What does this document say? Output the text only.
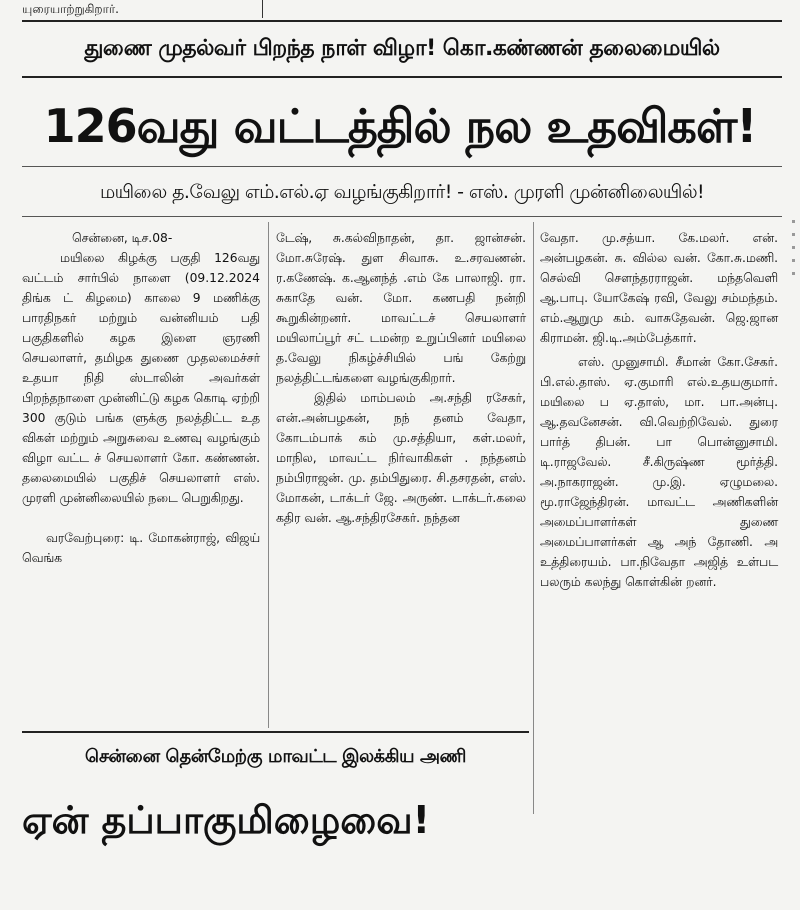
யுரையாற்றுகிறார்.
துணை முதல்வர் பிறந்த நாள் விழா! கொ.கண்ணன் தலைமையில்
126வது வட்டத்தில் நல உதவிகள்!
மயிலை த.வேலு எம்.எல்.ஏ வழங்குகிறார்! - எஸ். முரளி முன்னிலையில்!

சென்னை, டிச.08-

மயிலை கிழக்கு பகுதி 126வது வட்டம் சார்பில் நாளை (09.12.2024 திங்க ட் கிழமை) காலை 9 மணிக்கு பாரதிநகர் மற்றும் வன்னியம் பதி பகுதிகளில் கழக இளை ஞரணி செயலாளர், தமிழக துணை முதலமைச்சர் உதயா நிதி ஸ்டாலின் அவர்கள் பிறந்தநாளை முன்னிட்டு கழக கொடி ஏற்றி 300 குடும் பங்க ளுக்கு நலத்திட்ட உத விகள் மற்றும் அறுசுவை உணவு வழங்கும் விழா வட்ட ச் செயலாளர் கோ. கண்ணன். தலைமையில் பகுதிச் செயலாளர் எஸ். முரளி முன்னிலையில் நடை பெறுகிறது.

வரவேற்புரை: டி. மோகன்ராஜ், விஜய் வெங்க

டேஷ், சு.கல்விநாதன், தா. ஜான்சன். மோ.சுரேஷ். துள சிவாசு. உ.சரவணன். ர.கணேஷ். க.ஆனந்த் .எம் கே பாலாஜி. ரா. சுகாதே வன். மோ. கணபதி நன்றி கூறுகின்றனர். மாவட்டச் செயலாளர் மயிலாப்பூர் சட் டமன்ற உறுப்பினர் மயிலை த.வேலு நிகழ்ச்சியில் பங் கேற்று நலத்திட்டங்களை வழங்குகிறார்.

இதில் மாம்பலம் அ.சந்தி ரசேகர், என்.அன்பழகன், நந் தனம் வேதா, கோடம்பாக் கம் மு.சத்தியா, கள்.மலர், மாநில, மாவட்ட நிர்வாகிகள் . நந்தனம் நம்பிராஜன். மு. தம்பிதுரை. சி.தசரதன், எஸ். மோகன், டாக்டர் ஜே. அருண். டாக்டர்.கலை கதிர வன். ஆ.சந்திரசேகர். நந்தன

வேதா. மு.சத்யா. கே.மலர். என். அன்பழகன். சு. வில்ல வன். கோ.சு.மணி. செல்வி சௌந்தரராஜன். மந்தவெளி ஆ.பாபு. யோகேஷ் ரவி, வேலு சம்மந்தம். எம்.ஆறுமு கம். வாசுதேவன். ஜெ.ஜான கிராமன். ஜி.டி.அம்பேத்கார்.

எஸ். முனுசாமி. சீமான் கோ.சேகர். பி.எல்.தாஸ். ஏ.குமாரி எல்.உதயகுமார். மயிலை ப ஏ.தாஸ், மா. பா.அன்பு. ஆ.தவனேசன். வி.வெற்றிவேல். துரை பார்த் திபன். பா பொன்னுசாமி. டி.ராஜவேல். சீ.கிருஷ்ண மூர்த்தி. அ.நாகராஜன். மு.இ. ஏழுமலை. மூ.ராஜேந்திரன். மாவட்ட அணிகளின் அமைப்பாளர்கள் துணை அமைப்பாளர்கள் ஆ அந் தோணி. அ உத்திரையம். பா.நிவேதா அஜித் உள்பட பலரும் கலந்து கொள்கின் றனர்.

சென்னை தென்மேற்கு மாவட்ட இலக்கிய அணி
ஏன் தப்பாகுமிழைவை!
